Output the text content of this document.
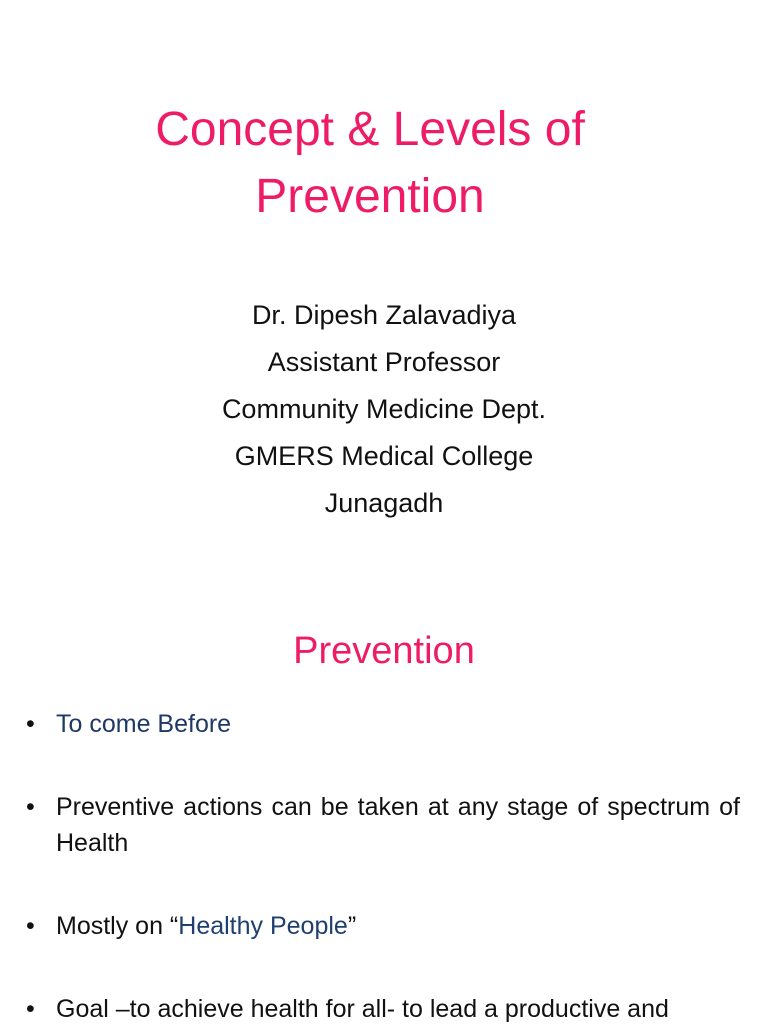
Concept & Levels of
Prevention
Dr. Dipesh Zalavadiya
Assistant Professor
Community Medicine Dept.
GMERS Medical College
Junagadh
Prevention
• To come Before
• Preventive actions can be taken at any stage of spectrum of Health
• Mostly on “Healthy People”
• Goal –to achieve health for all- to lead a productive and
